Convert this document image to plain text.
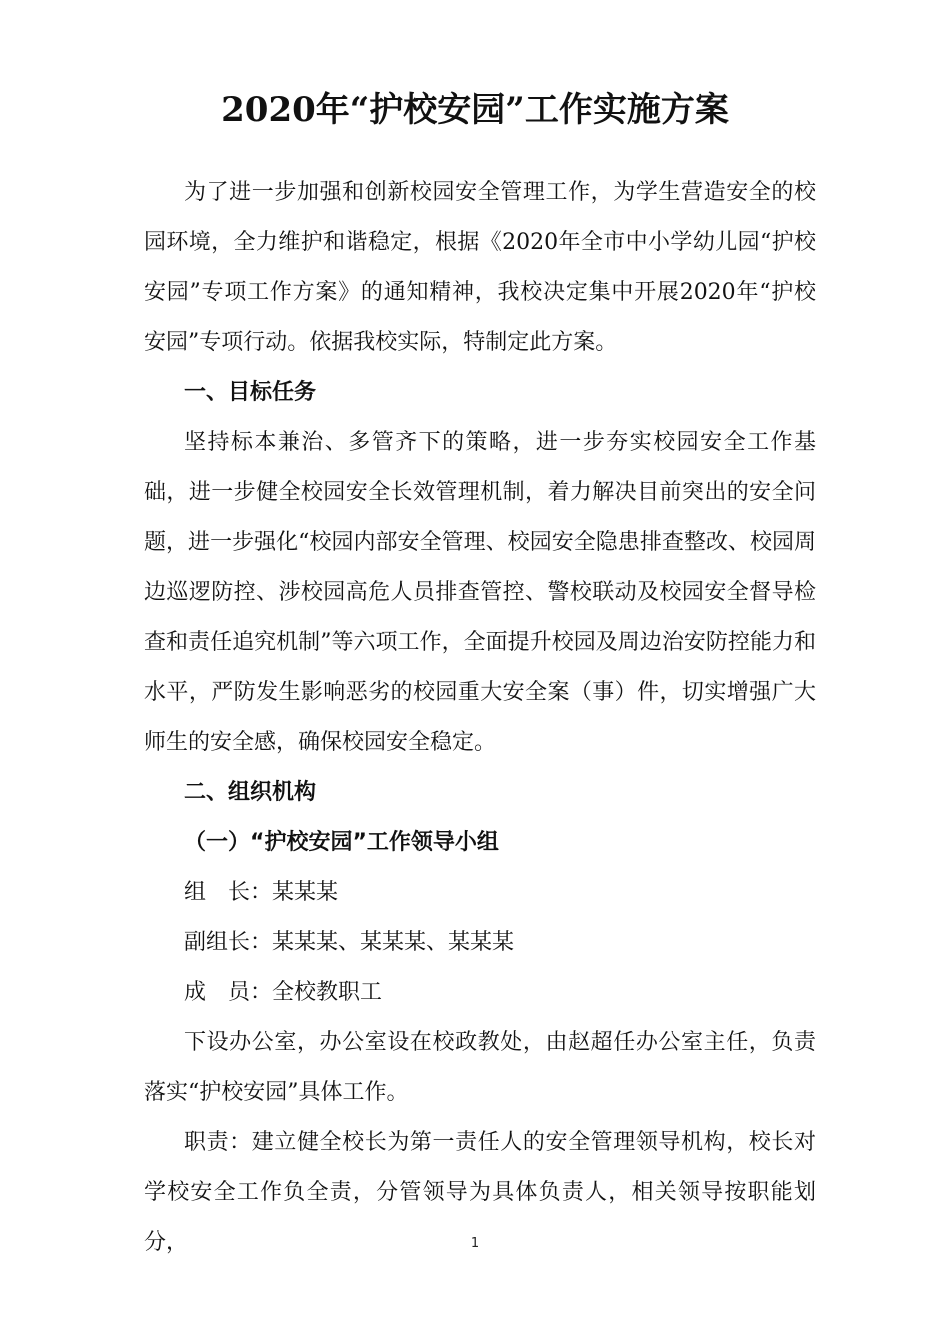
2020年“护校安园”工作实施方案

为了进一步加强和创新校园安全管理工作，为学生营造安全的校园环境，全力维护和谐稳定，根据《2020年全市中小学幼儿园“护校安园”专项工作方案》的通知精神，我校决定集中开展2020年“护校安园”专项行动。依据我校实际，特制定此方案。

一、目标任务

坚持标本兼治、多管齐下的策略，进一步夯实校园安全工作基础，进一步健全校园安全长效管理机制，着力解决目前突出的安全问题，进一步强化“校园内部安全管理、校园安全隐患排查整改、校园周边巡逻防控、涉校园高危人员排查管控、警校联动及校园安全督导检查和责任追究机制”等六项工作，全面提升校园及周边治安防控能力和水平，严防发生影响恶劣的校园重大安全案（事）件，切实增强广大师生的安全感，确保校园安全稳定。

二、组织机构

（一）“护校安园”工作领导小组

组　长：某某某

副组长：某某某、某某某、某某某

成　员：全校教职工

下设办公室，办公室设在校政教处，由赵超任办公室主任，负责落实“护校安园”具体工作。

职责：建立健全校长为第一责任人的安全管理领导机构，校长对学校安全工作负全责，分管领导为具体负责人，相关领导按职能划分，	1
